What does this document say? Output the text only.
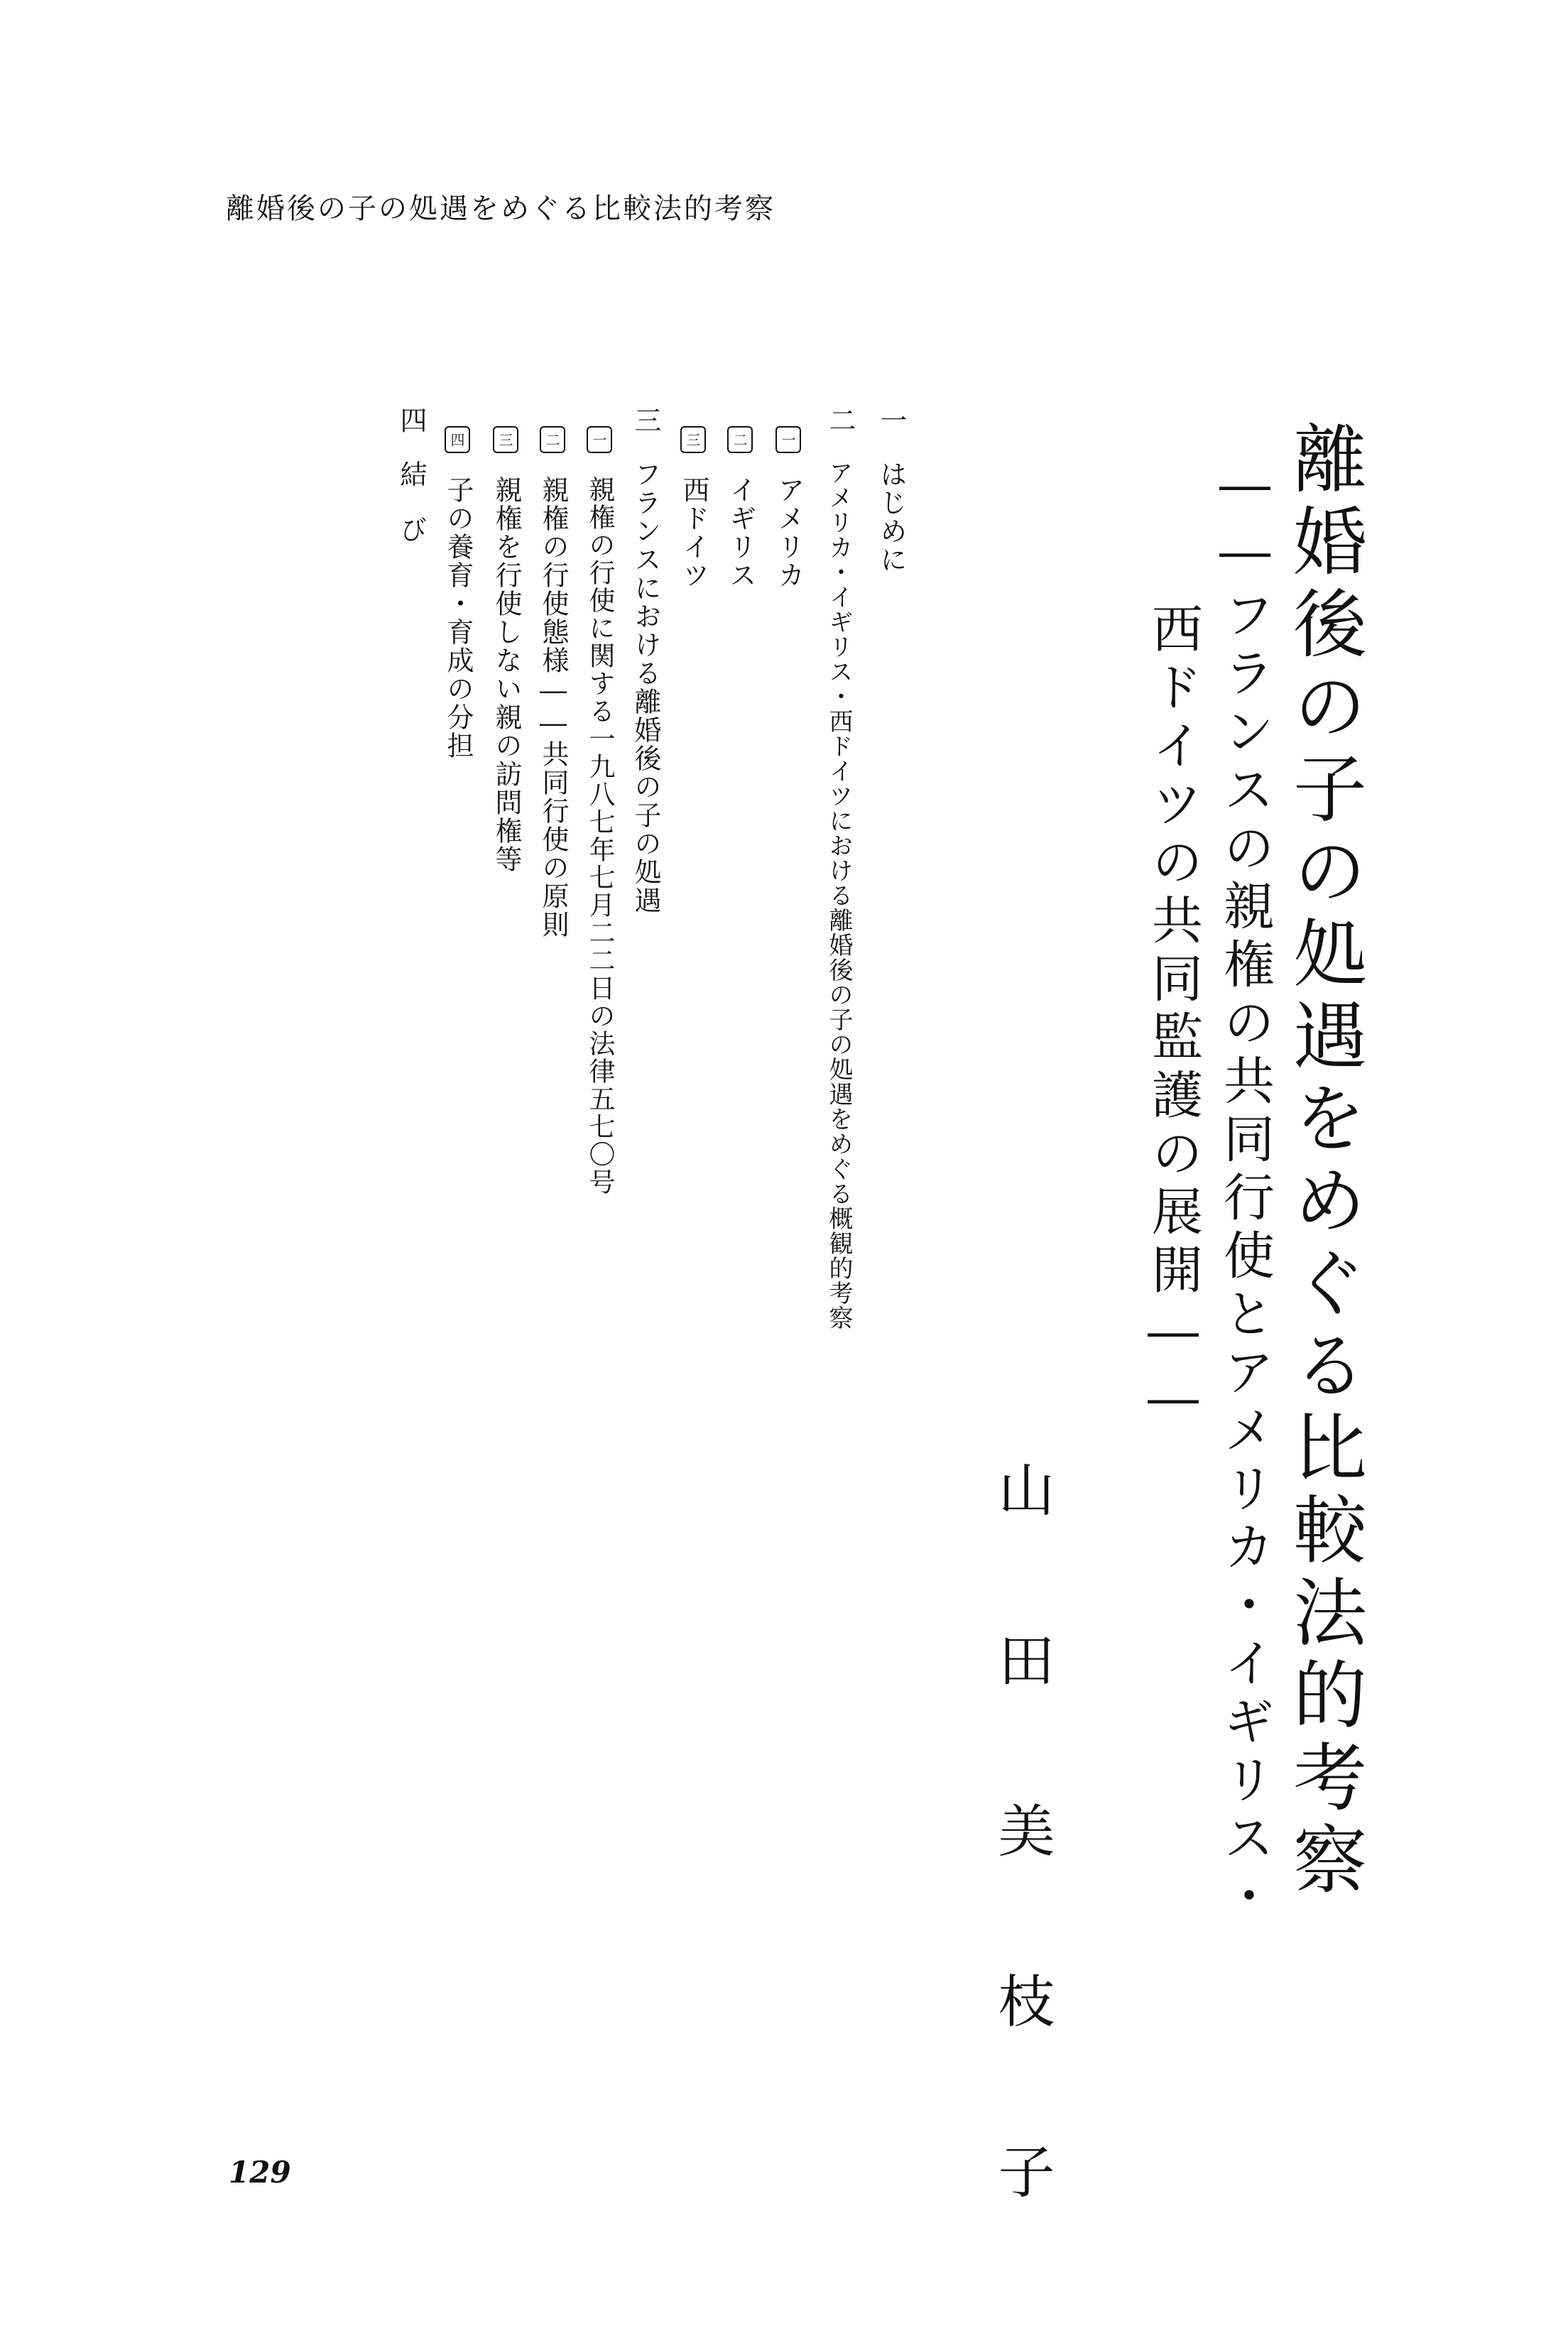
離婚後の子の処遇をめぐる比較法的考察
離婚後の子の処遇をめぐる比較法的考察
――フランスの親権の共同行使とアメリカ・イギリス・
西ドイツの共同監護の展開――
山田美枝子
一
はじめに
二
アメリカ・イギリス・西ドイツにおける離婚後の子の処遇をめぐる概観的考察
一
アメリカ
二
イギリス
三
西ドイツ
三
フランスにおける離婚後の子の処遇
一
親権の行使に関する一九八七年七月二二日の法律五七〇号
二
親権の行使態様――共同行使の原則
三
親権を行使しない親の訪問権等
四
子の養育・育成の分担
四
結び
129
